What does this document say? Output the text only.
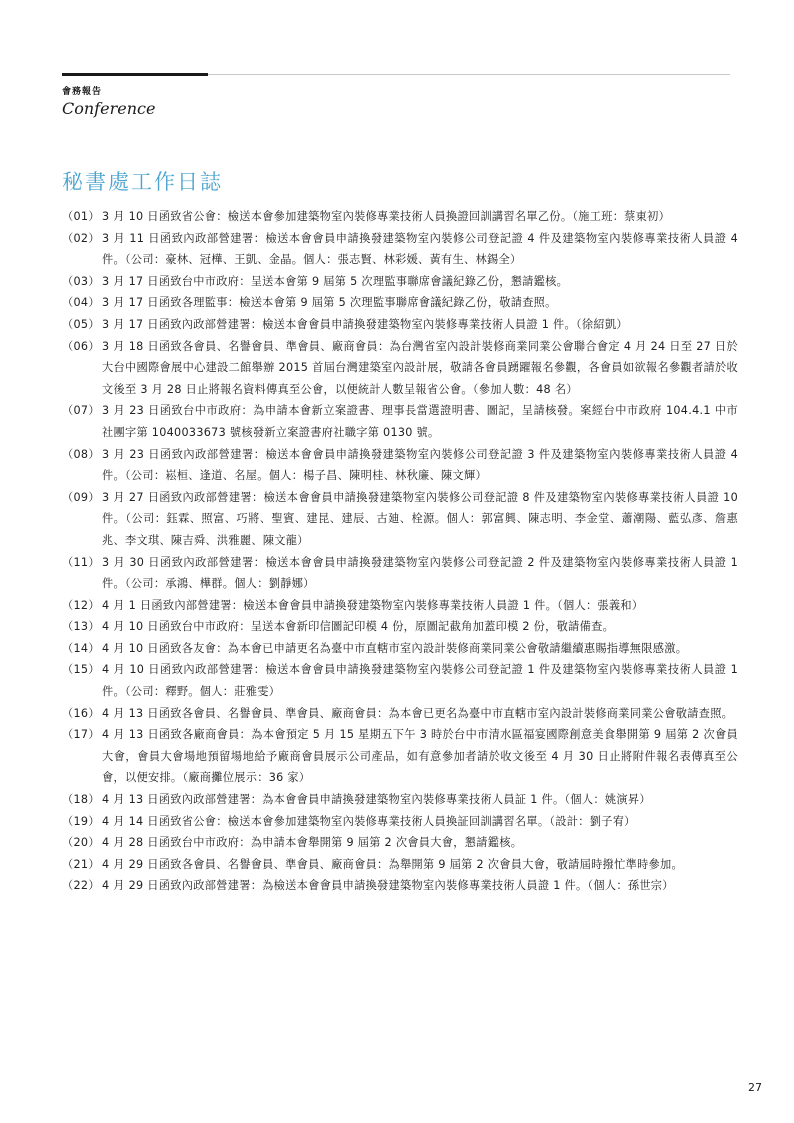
會務報告
Conference
秘書處工作日誌
（01） 3 月 10 日函致省公會：檢送本會參加建築物室內裝修專業技術人員換證回訓講習名單乙份。（施工班：蔡東初）
（02） 3 月 11 日函致內政部營建署：檢送本會會員申請換發建築物室內裝修公司登記證 4 件及建築物室內裝修專業技術人員證 4 件。（公司：豪林、冠樺、王凱、金晶。個人：張志賢、林彩媛、黃有生、林錫全）
（03） 3 月 17 日函致台中市政府：呈送本會第 9 屆第 5 次理監事聯席會議紀錄乙份，懇請鑑核。
（04） 3 月 17 日函致各理監事：檢送本會第 9 屆第 5 次理監事聯席會議紀錄乙份，敬請查照。
（05） 3 月 17 日函致內政部營建署：檢送本會會員申請換發建築物室內裝修專業技術人員證 1 件。（徐紹凱）
（06） 3 月 18 日函致各會員、名譽會員、準會員、廠商會員：為台灣省室內設計裝修商業同業公會聯合會定 4 月 24 日至 27 日於大台中國際會展中心建設二館舉辦 2015 首屆台灣建築室內設計展，敬請各會員踴躍報名參觀，各會員如欲報名參觀者請於收文後至 3 月 28 日止將報名資料傳真至公會，以便統計人數呈報省公會。（參加人數：48 名）
（07） 3 月 23 日函致台中市政府：為申請本會新立案證書、理事長當選證明書、圖記，呈請核發。案經台中市政府 104.4.1 中市社團字第 1040033673 號核發新立案證書府社職字第 0130 號。
（08） 3 月 23 日函致內政部營建署：檢送本會會員申請換發建築物室內裝修公司登記證 3 件及建築物室內裝修專業技術人員證 4 件。（公司：崧桓、逢道、名屋。個人：楊子昌、陳明桂、林秋廉、陳文輝）
（09） 3 月 27 日函致內政部營建署：檢送本會會員申請換發建築物室內裝修公司登記證 8 件及建築物室內裝修專業技術人員證 10 件。（公司：鈺霖、照富、巧將、聖賓、建昆、建辰、古廸、栓源。個人：郭富興、陳志明、李金堂、蕭潮陽、藍弘彥、詹惠兆、李文琪、陳吉舜、洪雅麗、陳文龍）
（11） 3 月 30 日函致內政部營建署：檢送本會會員申請換發建築物室內裝修公司登記證 2 件及建築物室內裝修專業技術人員證 1 件。（公司：承鴻、樺群。個人：劉靜娜）
（12） 4 月 1 日函致內部營建署：檢送本會會員申請換發建築物室內裝修專業技術人員證 1 件。（個人：張義和）
（13） 4 月 10 日函致台中市政府：呈送本會新印信圖記印模 4 份，原圖記截角加蓋印模 2 份，敬請備查。
（14） 4 月 10 日函致各友會：為本會已申請更名為臺中市直轄市室內設計裝修商業同業公會敬請繼續惠賜指導無限感激。
（15） 4 月 10 日函致內政部營建署：檢送本會會員申請換發建築物室內裝修公司登記證 1 件及建築物室內裝修專業技術人員證 1 件。（公司：釋野。個人：莊雅雯）
（16） 4 月 13 日函致各會員、名譽會員、準會員、廠商會員：為本會已更名為臺中市直轄市室內設計裝修商業同業公會敬請查照。
（17） 4 月 13 日函致各廠商會員：為本會預定 5 月 15 星期五下午 3 時於台中市清水區福宴國際創意美食舉開第 9 屆第 2 次會員大會，會員大會場地預留場地給予廠商會員展示公司產品，如有意參加者請於收文後至 4 月 30 日止將附件報名表傳真至公會，以便安排。（廠商攤位展示：36 家）
（18） 4 月 13 日函致內政部營建署：為本會會員申請換發建築物室內裝修專業技術人員証 1 件。（個人：姚演昇）
（19） 4 月 14 日函致省公會：檢送本會參加建築物室內裝修專業技術人員換証回訓講習名單。（設計：劉子宥）
（20） 4 月 28 日函致台中市政府：為申請本會舉開第 9 屆第 2 次會員大會，懇請鑑核。
（21） 4 月 29 日函致各會員、名譽會員、準會員、廠商會員：為舉開第 9 屆第 2 次會員大會，敬請屆時撥忙準時參加。
（22） 4 月 29 日函致內政部營建署：為檢送本會會員申請換發建築物室內裝修專業技術人員證 1 件。（個人：孫世宗）
27
